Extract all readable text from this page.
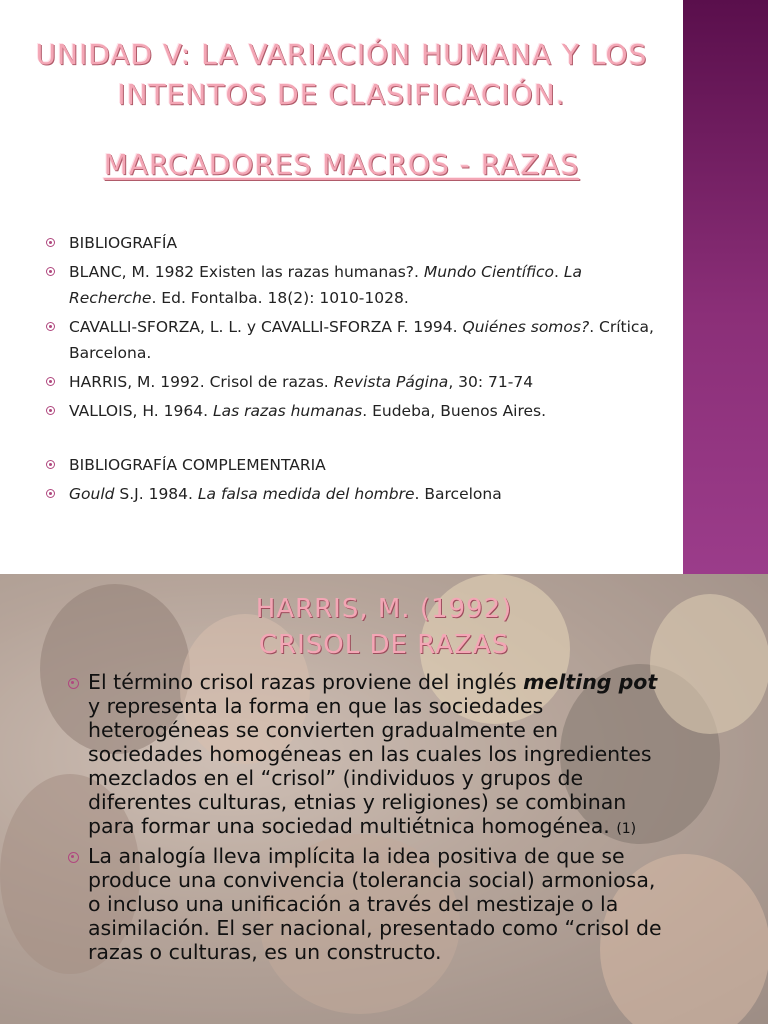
UNIDAD V: LA VARIACIÓN HUMANA Y LOS
INTENTOS DE CLASIFICACIÓN.
MARCADORES MACROS - RAZAS
BIBLIOGRAFÍA
BLANC, M. 1982 Existen las razas humanas?. Mundo Científico. La Recherche. Ed. Fontalba. 18(2): 1010-1028.
CAVALLI-SFORZA, L. L. y CAVALLI-SFORZA F. 1994. Quiénes somos?. Crítica, Barcelona.
HARRIS, M. 1992. Crisol de razas. Revista Página, 30: 71-74
VALLOIS, H. 1964. Las razas humanas. Eudeba, Buenos Aires.
BIBLIOGRAFÍA COMPLEMENTARIA
Gould S.J. 1984. La falsa medida del hombre. Barcelona
HARRIS, M. (1992)
CRISOL DE RAZAS
El término crisol razas proviene del inglés melting pot y representa la forma en que las sociedades heterogéneas se convierten gradualmente en sociedades homogéneas en las cuales los ingredientes mezclados en el “crisol” (individuos y grupos de diferentes culturas, etnias y religiones) se combinan para formar una sociedad multiétnica homogénea. (1)
La analogía lleva implícita la idea positiva de que se produce una convivencia (tolerancia social) armoniosa, o incluso una unificación a través del mestizaje o la asimilación. El ser nacional, presentado como “crisol de razas o culturas, es un constructo.
